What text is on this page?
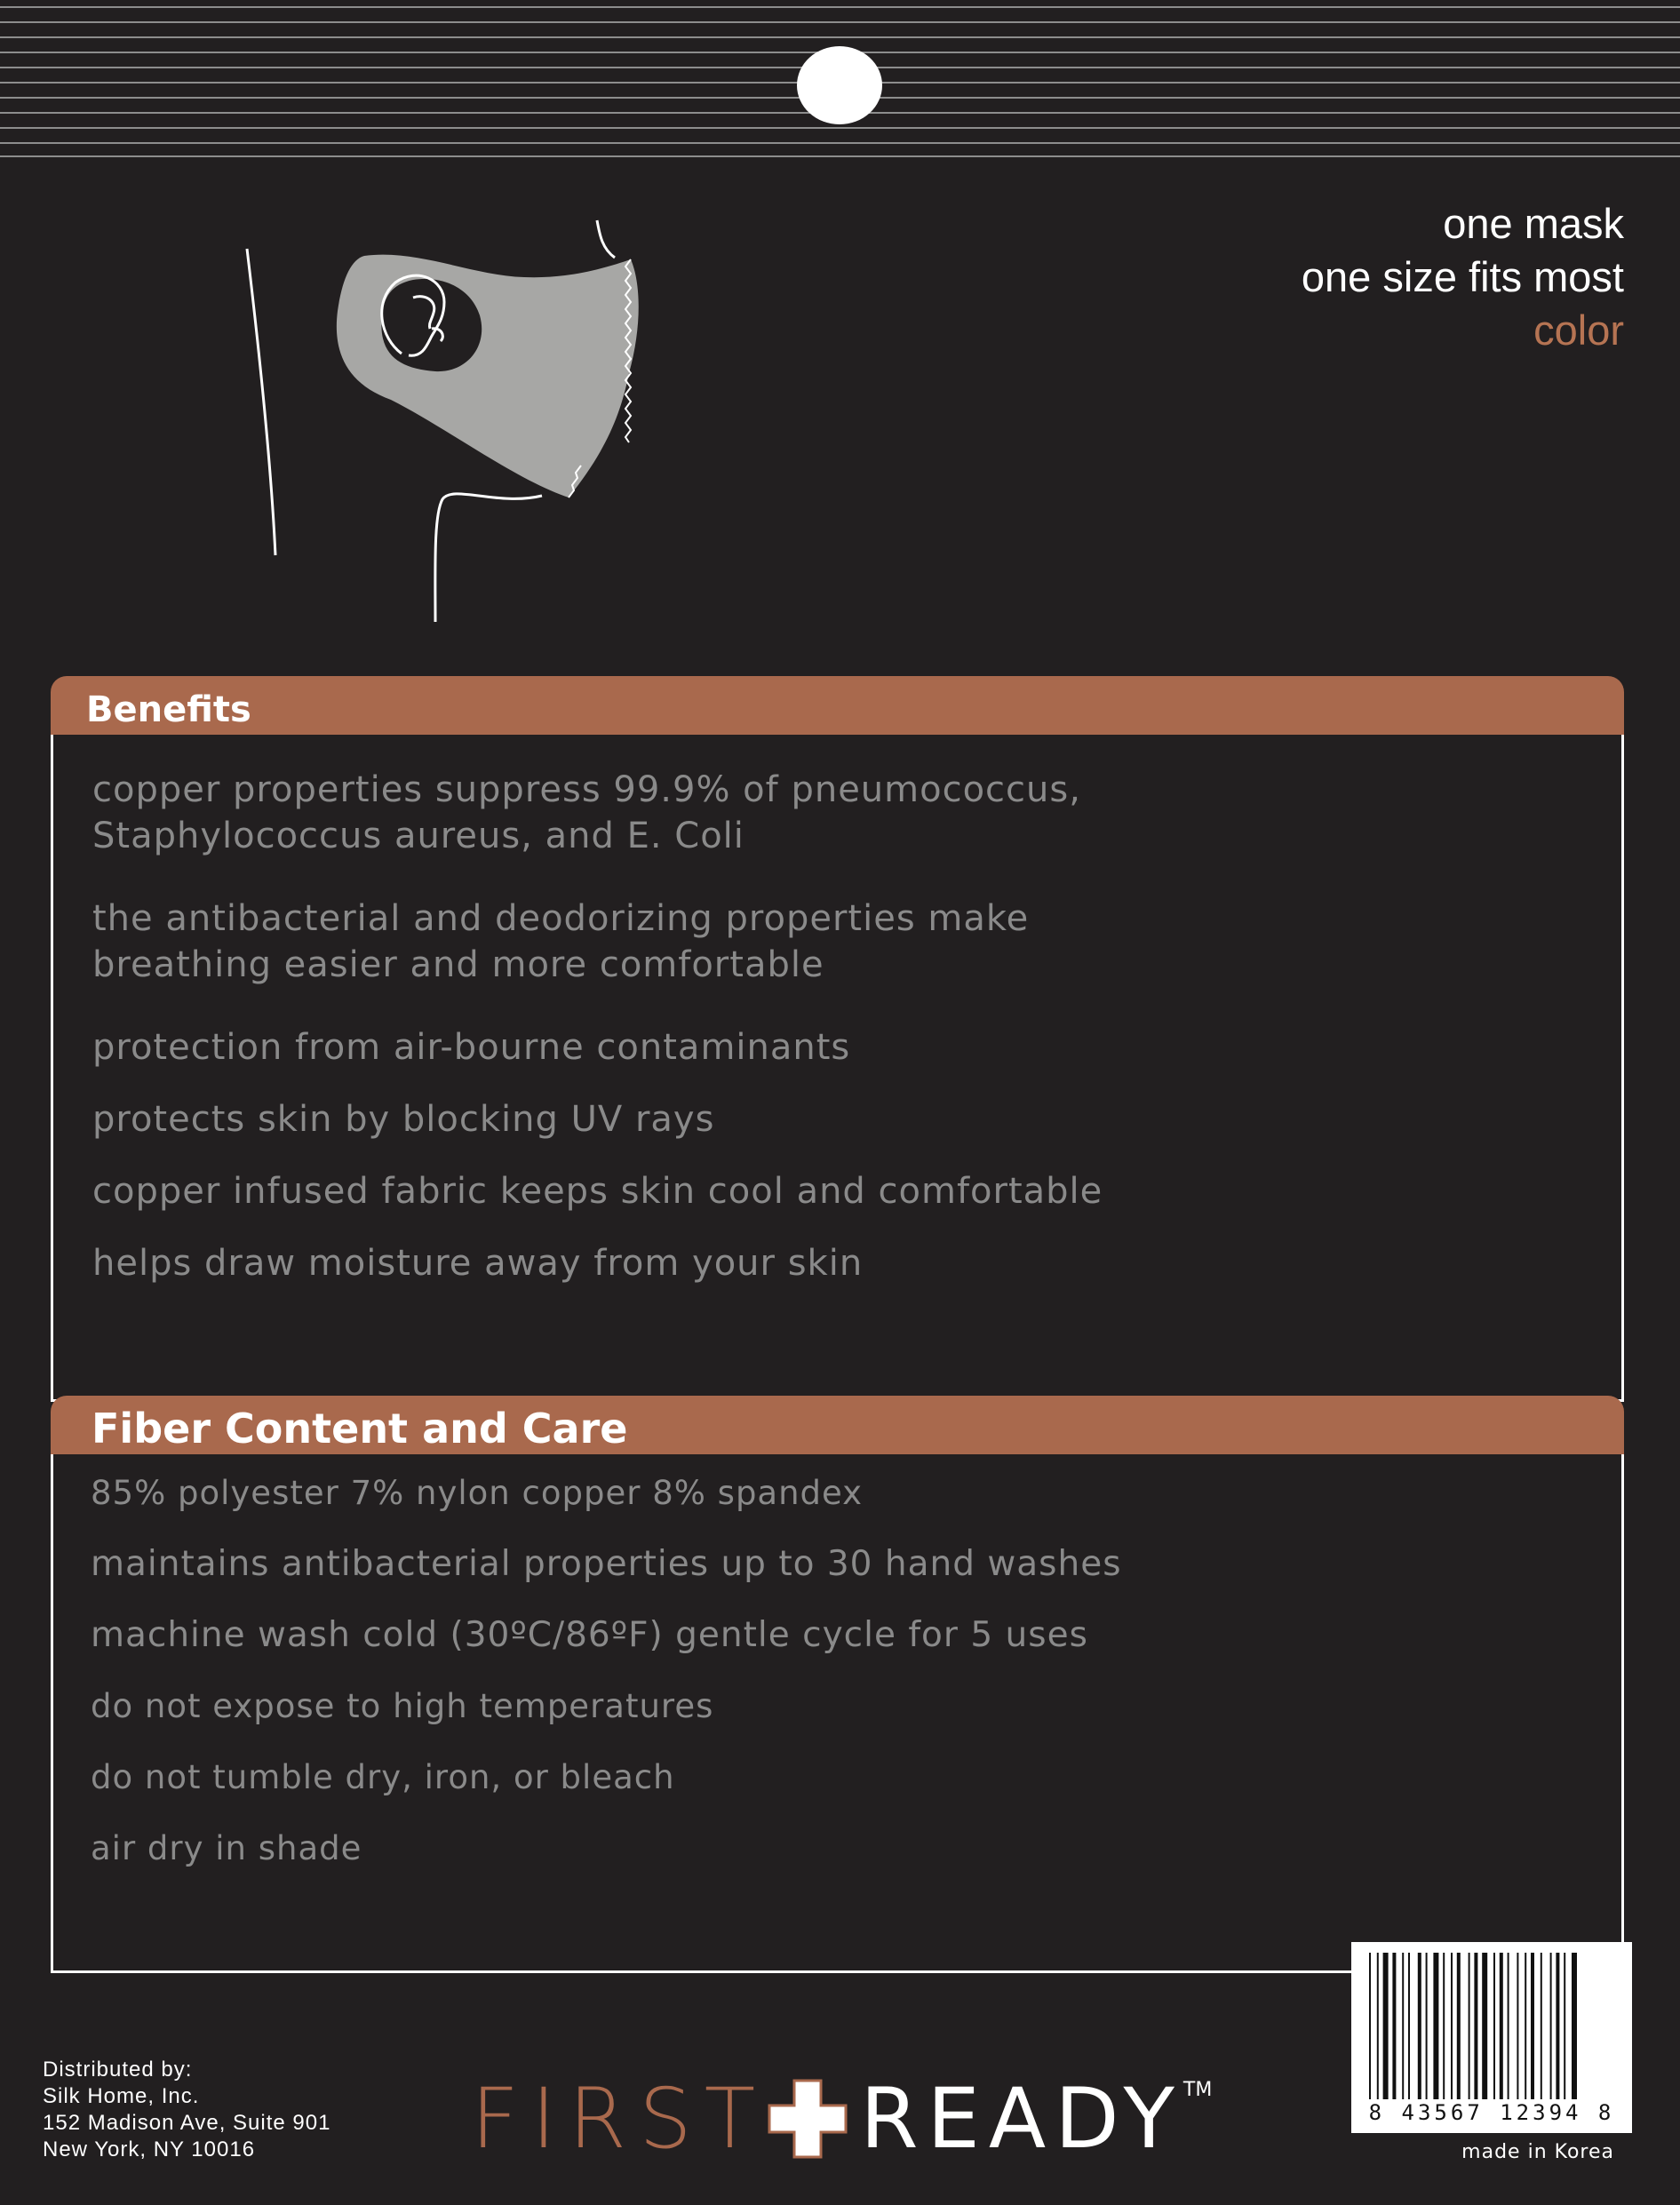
one mask
one size fits most
color
Benefits
copper properties suppress 99.9% of pneumococcus,
Staphylococcus aureus, and E. Coli
the antibacterial and deodorizing properties make
breathing easier and more comfortable
protection from air-bourne contaminants
protects skin by blocking UV rays
copper infused fabric keeps skin cool and comfortable
helps draw moisture away from your skin
Fiber Content and Care
85% polyester 7% nylon copper 8% spandex
maintains antibacterial properties up to 30 hand washes
machine wash cold (30ºC/86ºF) gentle cycle for 5 uses
do not expose to high temperatures
do not tumble dry, iron, or bleach
air dry in shade
Distributed by:
Silk Home, Inc.
152 Madison Ave, Suite 901
New York, NY 10016	FIRST READY TM
8 43567 12394 8
made in Korea
